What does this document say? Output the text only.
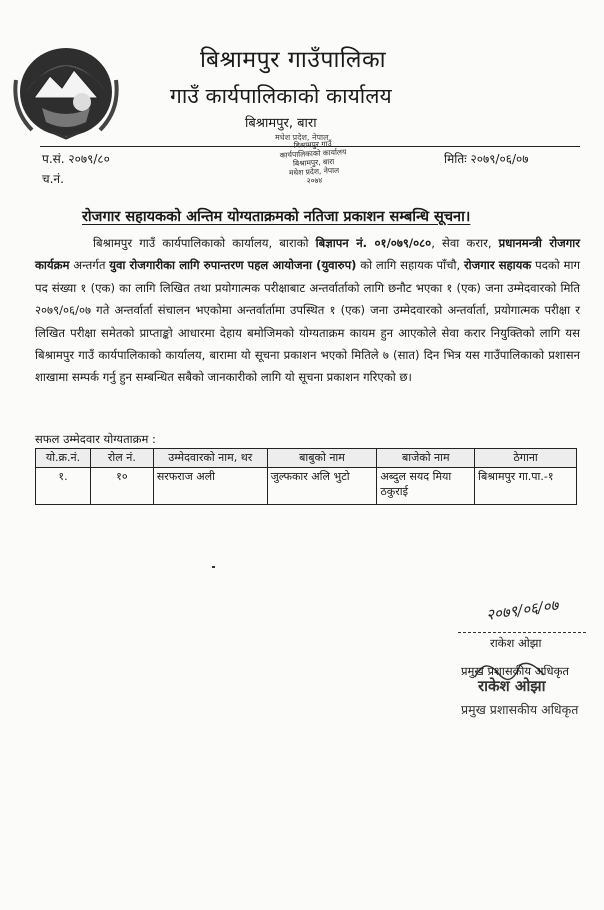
बिश्रामपुर गाउँपालिका
गाउँ कार्यपालिकाको कार्यालय
बिश्रामपुर, बारा
मधेश प्रदेश, नेपाल
बिश्रामपुर गाउँ
कार्यपालिकाको कार्यालय
बिश्रामपुर, बारा
मधेश प्रदेश, नेपाल
२०७४
प.सं. २०७९/८०
च.नं.
मितिः २०७९/०६/०७
रोजगार सहायकको अन्तिम योग्यताक्रमको नतिजा प्रकाशन सम्बन्धि सूचना।

बिश्रामपुर गाउँ कार्यपालिकाको कार्यालय, बाराको बिज्ञापन नं. ०१/०७९/०८०, सेवा करार, प्रधानमन्त्री रोजगार कार्यक्रम अन्तर्गत युवा रोजगारीका लागि रुपान्तरण पहल आयोजना (युवारुप) को लागि सहायक पाँचौ, रोजगार सहायक पदको माग पद संख्या १ (एक) का लागि लिखित तथा प्रयोगात्मक परीक्षाबाट अन्तर्वार्ताको लागि छनौट भएका १ (एक) जना उम्मेदवारको मिति २०७९/०६/०७ गते अन्तर्वार्ता संचालन भएकोमा अन्तर्वार्तामा उपस्थित १ (एक) जना उम्मेदवारको अन्तर्वार्ता, प्रयोगात्मक परीक्षा र लिखित परीक्षा समेतको प्राप्ताङ्को आधारमा देहाय बमोजिमको योग्यताक्रम कायम हुन आएकोले सेवा करार नियुक्तिको लागि यस बिश्रामपुर गाउँ कार्यपालिकाको कार्यालय, बारामा यो सूचना प्रकाशन भएको मितिले ७ (सात) दिन भित्र यस गाउँपालिकाको प्रशासन शाखामा सम्पर्क गर्नु हुन सम्बन्धित सबैको जानकारीको लागि यो सूचना प्रकाशन गरिएको छ।

सफल उम्मेदवार योग्यताक्रम :
यो.क्र.नं.	रोल नं.	उम्मेदवारको नाम, थर	बाबुको नाम	बाजेको नाम	ठेगाना
१.	१०	सरफराज अली	जुल्फकार अलि भुटो	अब्दुल सयद मिया ठकुराई	बिश्रामपुर गा.पा.-१
२०७९/०६/०७
राकेश ओझा
प्रमुख प्रशासकीय अधिकृत
राकेश ओझा
प्रमुख प्रशासकीय अधिकृत
